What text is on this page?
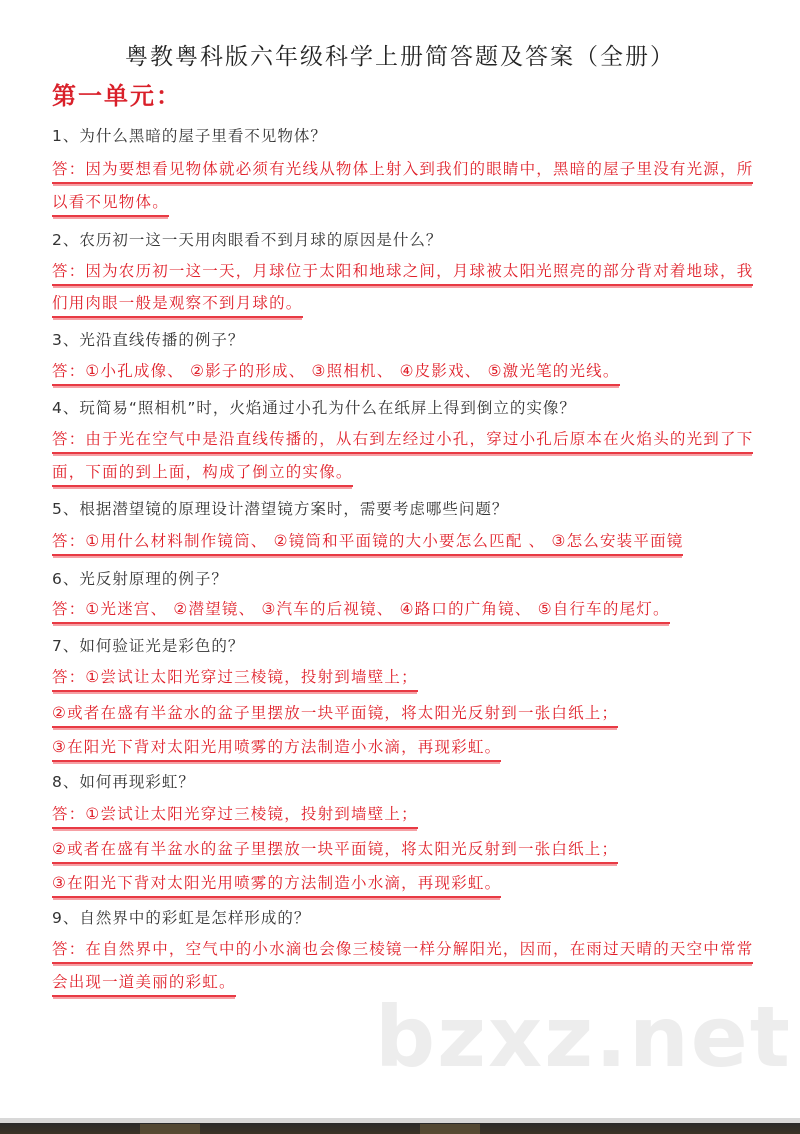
粤教粤科版六年级科学上册简答题及答案（全册）
第一单元：
1、为什么黑暗的屋子里看不见物体？
答：因为要想看见物体就必须有光线从物体上射入到我们的眼睛中，黑暗的屋子里没有光源，所
以看不见物体。
2、农历初一这一天用肉眼看不到月球的原因是什么？
答：因为农历初一这一天，月球位于太阳和地球之间，月球被太阳光照亮的部分背对着地球，我
们用肉眼一般是观察不到月球的。
3、光沿直线传播的例子？
答：①小孔成像、 ②影子的形成、 ③照相机、 ④皮影戏、 ⑤激光笔的光线。
4、玩简易“照相机”时，火焰通过小孔为什么在纸屏上得到倒立的实像？
答：由于光在空气中是沿直线传播的，从右到左经过小孔，穿过小孔后原本在火焰头的光到了下
面，下面的到上面，构成了倒立的实像。
5、根据潜望镜的原理设计潜望镜方案时，需要考虑哪些问题？
答：①用什么材料制作镜筒、 ②镜筒和平面镜的大小要怎么匹配 、 ③怎么安装平面镜
6、光反射原理的例子？
答：①光迷宫、 ②潜望镜、 ③汽车的后视镜、 ④路口的广角镜、 ⑤自行车的尾灯。
7、如何验证光是彩色的？
答：①尝试让太阳光穿过三棱镜，投射到墙壁上；
②或者在盛有半盆水的盆子里摆放一块平面镜，将太阳光反射到一张白纸上；
③在阳光下背对太阳光用喷雾的方法制造小水滴，再现彩虹。
8、如何再现彩虹？
答：①尝试让太阳光穿过三棱镜，投射到墙壁上；
②或者在盛有半盆水的盆子里摆放一块平面镜，将太阳光反射到一张白纸上；
③在阳光下背对太阳光用喷雾的方法制造小水滴，再现彩虹。
9、自然界中的彩虹是怎样形成的？
答：在自然界中，空气中的小水滴也会像三棱镜一样分解阳光，因而，在雨过天晴的天空中常常
会出现一道美丽的彩虹。
bzxz.net
